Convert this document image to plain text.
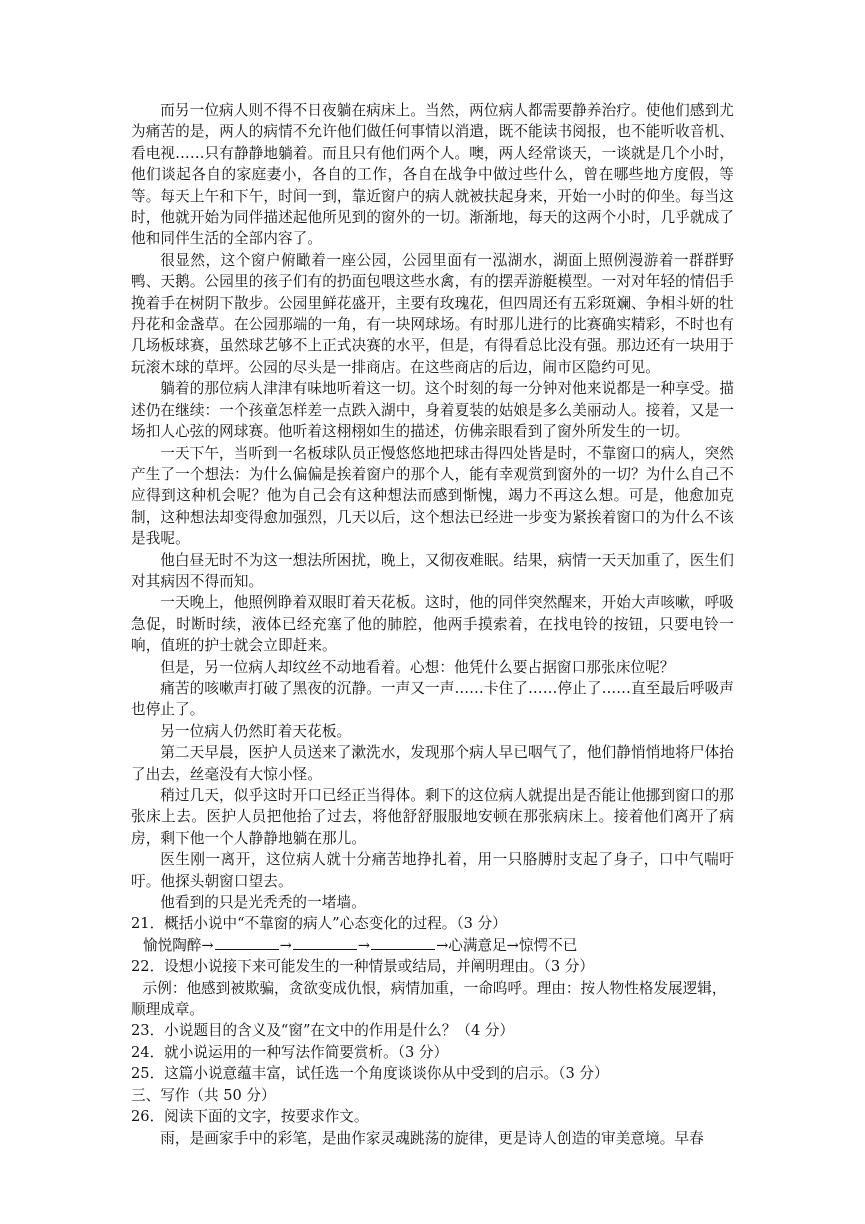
而另一位病人则不得不日夜躺在病床上。当然，两位病人都需要静养治疗。使他们感到尤为痛苦的是，两人的病情不允许他们做任何事情以消遣，既不能读书阅报，也不能听收音机、看电视……只有静静地躺着。而且只有他们两个人。噢，两人经常谈天，一谈就是几个小时，他们谈起各自的家庭妻小，各自的工作，各自在战争中做过些什么，曾在哪些地方度假，等等。每天上午和下午，时间一到，靠近窗户的病人就被扶起身来，开始一小时的仰坐。每当这时，他就开始为同伴描述起他所见到的窗外的一切。渐渐地，每天的这两个小时，几乎就成了他和同伴生活的全部内容了。

很显然，这个窗户俯瞰着一座公园，公园里面有一泓湖水，湖面上照例漫游着一群群野鸭、天鹅。公园里的孩子们有的扔面包喂这些水禽，有的摆弄游艇模型。一对对年轻的情侣手挽着手在树阴下散步。公园里鲜花盛开，主要有玫瑰花，但四周还有五彩斑斓、争相斗妍的牡丹花和金盏草。在公园那端的一角，有一块网球场。有时那儿进行的比赛确实精彩，不时也有几场板球赛，虽然球艺够不上正式决赛的水平，但是，有得看总比没有强。那边还有一块用于玩滚木球的草坪。公园的尽头是一排商店。在这些商店的后边，闹市区隐约可见。

躺着的那位病人津津有味地听着这一切。这个时刻的每一分钟对他来说都是一种享受。描述仍在继续：一个孩童怎样差一点跌入湖中，身着夏装的姑娘是多么美丽动人。接着，又是一场扣人心弦的网球赛。他听着这栩栩如生的描述，仿佛亲眼看到了窗外所发生的一切。

一天下午，当听到一名板球队员正慢悠悠地把球击得四处皆是时，不靠窗口的病人，突然产生了一个想法：为什么偏偏是挨着窗户的那个人，能有幸观赏到窗外的一切？为什么自己不应得到这种机会呢？他为自己会有这种想法而感到惭愧，竭力不再这么想。可是，他愈加克制，这种想法却变得愈加强烈，几天以后，这个想法已经进一步变为紧挨着窗口的为什么不该是我呢。

他白昼无时不为这一想法所困扰，晚上，又彻夜难眠。结果，病情一天天加重了，医生们对其病因不得而知。

一天晚上，他照例睁着双眼盯着天花板。这时，他的同伴突然醒来，开始大声咳嗽，呼吸急促，时断时续，液体已经充塞了他的肺腔，他两手摸索着，在找电铃的按钮，只要电铃一响，值班的护士就会立即赶来。

但是，另一位病人却纹丝不动地看着。心想：他凭什么要占据窗口那张床位呢？

痛苦的咳嗽声打破了黑夜的沉静。一声又一声……卡住了……停止了……直至最后呼吸声也停止了。

另一位病人仍然盯着天花板。

第二天早晨，医护人员送来了漱洗水，发现那个病人早已咽气了，他们静悄悄地将尸体抬了出去，丝毫没有大惊小怪。

稍过几天，似乎这时开口已经正当得体。剩下的这位病人就提出是否能让他挪到窗口的那张床上去。医护人员把他抬了过去，将他舒舒服服地安顿在那张病床上。接着他们离开了病房，剩下他一个人静静地躺在那儿。

医生刚一离开，这位病人就十分痛苦地挣扎着，用一只胳膊肘支起了身子，口中气喘吁吁。他探头朝窗口望去。

他看到的只是光秃秃的一堵墙。

21．概括小说中“不靠窗的病人”心态变化的过程。（3 分）

愉悦陶醉→	→	→	→心满意足→惊愕不已

22．设想小说接下来可能发生的一种情景或结局，并阐明理由。（3 分）

示例：他感到被欺骗，贪欲变成仇恨，病情加重，一命呜呼。理由：按人物性格发展逻辑，顺理成章。

23．小说题目的含义及“窗”在文中的作用是什么？（4 分）

24．就小说运用的一种写法作简要赏析。（3 分）

25．这篇小说意蕴丰富，试任选一个角度谈谈你从中受到的启示。（3 分）

三、写作（共 50 分）

26．阅读下面的文字，按要求作文。

雨，是画家手中的彩笔，是曲作家灵魂跳荡的旋律，更是诗人创造的审美意境。早春
